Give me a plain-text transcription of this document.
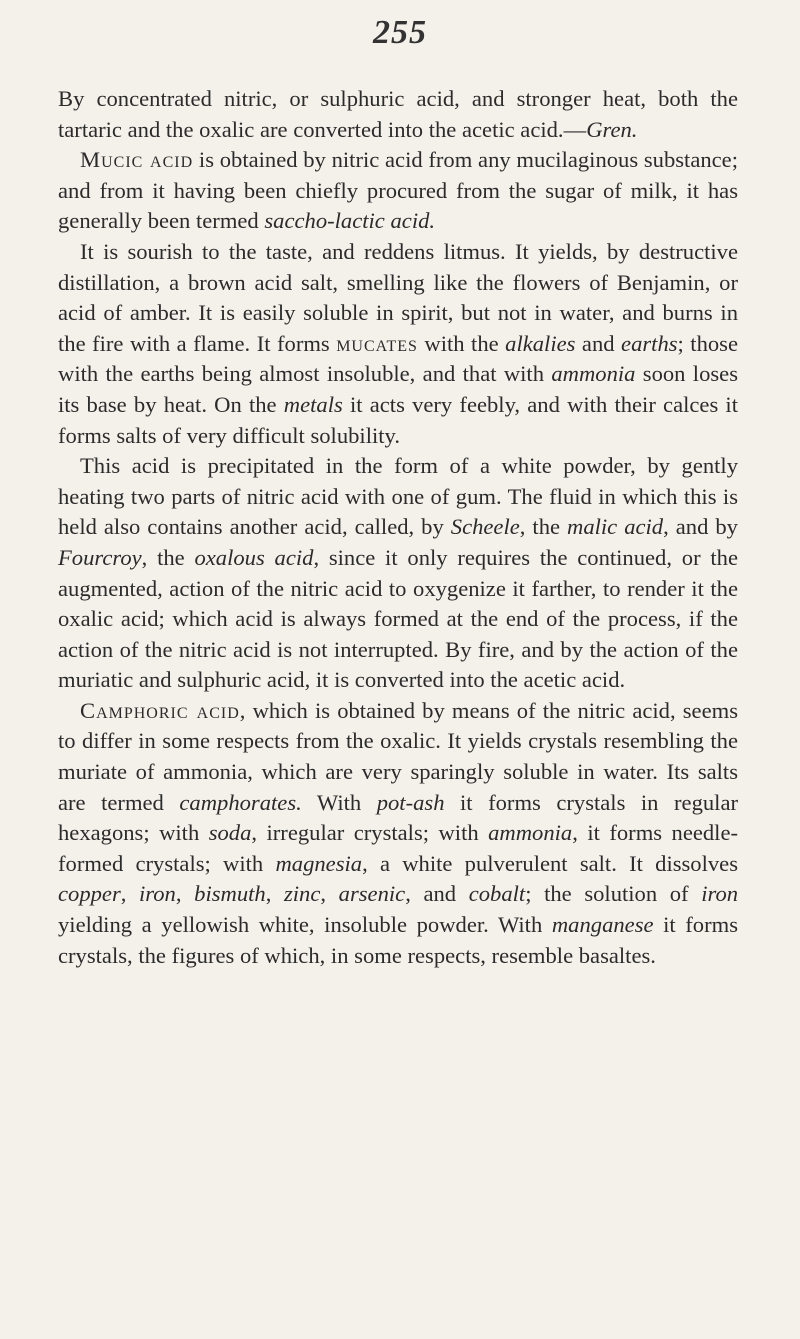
255

By concentrated nitric, or sulphuric acid, and stronger heat, both the tartaric and the oxalic are converted into the acetic acid.—Gren.

Mucic acid is obtained by nitric acid from any mucilaginous substance; and from it having been chiefly procured from the sugar of milk, it has generally been termed saccho-lactic acid.

It is sourish to the taste, and reddens litmus. It yields, by destructive distillation, a brown acid salt, smelling like the flowers of Benjamin, or acid of amber. It is easily soluble in spirit, but not in water, and burns in the fire with a flame. It forms mucates with the alkalies and earths; those with the earths being almost insoluble, and that with ammonia soon loses its base by heat. On the metals it acts very feebly, and with their calces it forms salts of very difficult solubility.

This acid is precipitated in the form of a white powder, by gently heating two parts of nitric acid with one of gum. The fluid in which this is held also contains another acid, called, by Scheele, the malic acid, and by Fourcroy, the oxalous acid, since it only requires the continued, or the augmented, action of the nitric acid to oxygenize it farther, to render it the oxalic acid; which acid is always formed at the end of the process, if the action of the nitric acid is not interrupted. By fire, and by the action of the muriatic and sulphuric acid, it is converted into the acetic acid.

Camphoric acid, which is obtained by means of the nitric acid, seems to differ in some respects from the oxalic. It yields crystals resembling the muriate of ammonia, which are very sparingly soluble in water. Its salts are termed camphorates. With pot-ash it forms crystals in regular hexagons; with soda, irregular crystals; with ammonia, it forms needle-formed crystals; with magnesia, a white pulverulent salt. It dissolves copper, iron, bismuth, zinc, arsenic, and cobalt; the solution of iron yielding a yellowish white, insoluble powder. With manganese it forms crystals, the figures of which, in some respects, resemble basaltes.
